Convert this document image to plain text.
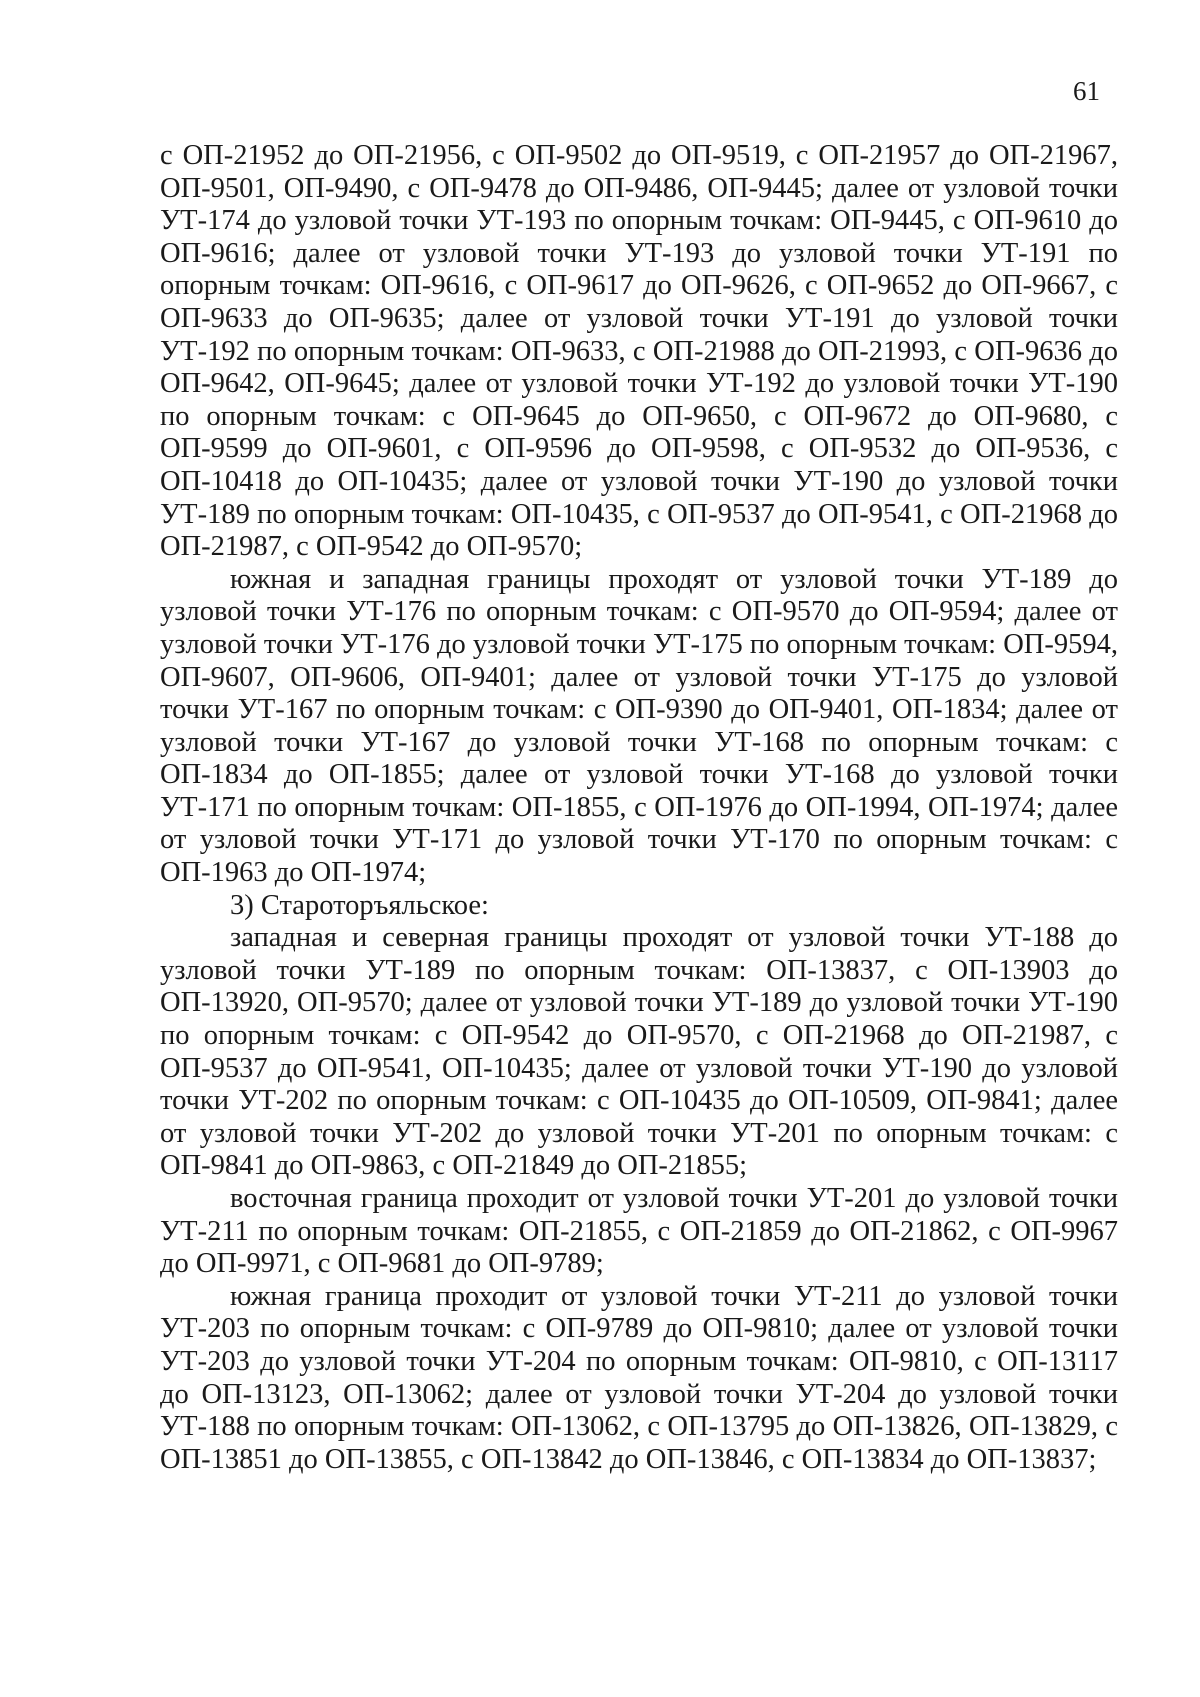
61

с ОП-21952 до ОП-21956, с ОП-9502 до ОП-9519, с ОП-21957 до ОП-21967, ОП-9501, ОП-9490, с ОП-9478 до ОП-9486, ОП-9445; далее от узловой точки УТ-174 до узловой точки УТ-193 по опорным точкам: ОП-9445, с ОП-9610 до ОП-9616; далее от узловой точки УТ-193 до узловой точки УТ-191 по опорным точкам: ОП-9616, с ОП-9617 до ОП-9626, с ОП-9652 до ОП-9667, с ОП-9633 до ОП-9635; далее от узловой точки УТ-191 до узловой точки УТ-192 по опорным точкам: ОП-9633, с ОП-21988 до ОП-21993, с ОП-9636 до ОП-9642, ОП-9645; далее от узловой точки УТ-192 до узловой точки УТ-190 по опорным точкам: с ОП-9645 до ОП-9650, с ОП-9672 до ОП-9680, с ОП-9599 до ОП-9601, с ОП-9596 до ОП-9598, с ОП-9532 до ОП-9536, с ОП-10418 до ОП-10435; далее от узловой точки УТ-190 до узловой точки УТ-189 по опорным точкам: ОП-10435, с ОП-9537 до ОП-9541, с ОП-21968 до ОП-21987, с ОП-9542 до ОП-9570;

южная и западная границы проходят от узловой точки УТ-189 до узловой точки УТ-176 по опорным точкам: с ОП-9570 до ОП-9594; далее от узловой точки УТ-176 до узловой точки УТ-175 по опорным точкам: ОП-9594, ОП-9607, ОП-9606, ОП-9401; далее от узловой точки УТ-175 до узловой точки УТ-167 по опорным точкам: с ОП-9390 до ОП-9401, ОП-1834; далее от узловой точки УТ-167 до узловой точки УТ-168 по опорным точкам: с ОП-1834 до ОП-1855; далее от узловой точки УТ-168 до узловой точки УТ-171 по опорным точкам: ОП-1855, с ОП-1976 до ОП-1994, ОП-1974; далее от узловой точки УТ-171 до узловой точки УТ-170 по опорным точкам: с ОП-1963 до ОП-1974;

3) Староторъяльское:

западная и северная границы проходят от узловой точки УТ-188 до узловой точки УТ-189 по опорным точкам: ОП-13837, с ОП-13903 до ОП-13920, ОП-9570; далее от узловой точки УТ-189 до узловой точки УТ-190 по опорным точкам: с ОП-9542 до ОП-9570, с ОП-21968 до ОП-21987, с ОП-9537 до ОП-9541, ОП-10435; далее от узловой точки УТ-190 до узловой точки УТ-202 по опорным точкам: с ОП-10435 до ОП-10509, ОП-9841; далее от узловой точки УТ-202 до узловой точки УТ-201 по опорным точкам: с ОП-9841 до ОП-9863, с ОП-21849 до ОП-21855;

восточная граница проходит от узловой точки УТ-201 до узловой точки УТ-211 по опорным точкам: ОП-21855, с ОП-21859 до ОП-21862, с ОП-9967 до ОП-9971, с ОП-9681 до ОП-9789;

южная граница проходит от узловой точки УТ-211 до узловой точки УТ-203 по опорным точкам: с ОП-9789 до ОП-9810; далее от узловой точки УТ-203 до узловой точки УТ-204 по опорным точкам: ОП-9810, с ОП-13117 до ОП-13123, ОП-13062; далее от узловой точки УТ-204 до узловой точки УТ-188 по опорным точкам: ОП-13062, с ОП-13795 до ОП-13826, ОП-13829, с ОП-13851 до ОП-13855, с ОП-13842 до ОП-13846, с ОП-13834 до ОП-13837;
